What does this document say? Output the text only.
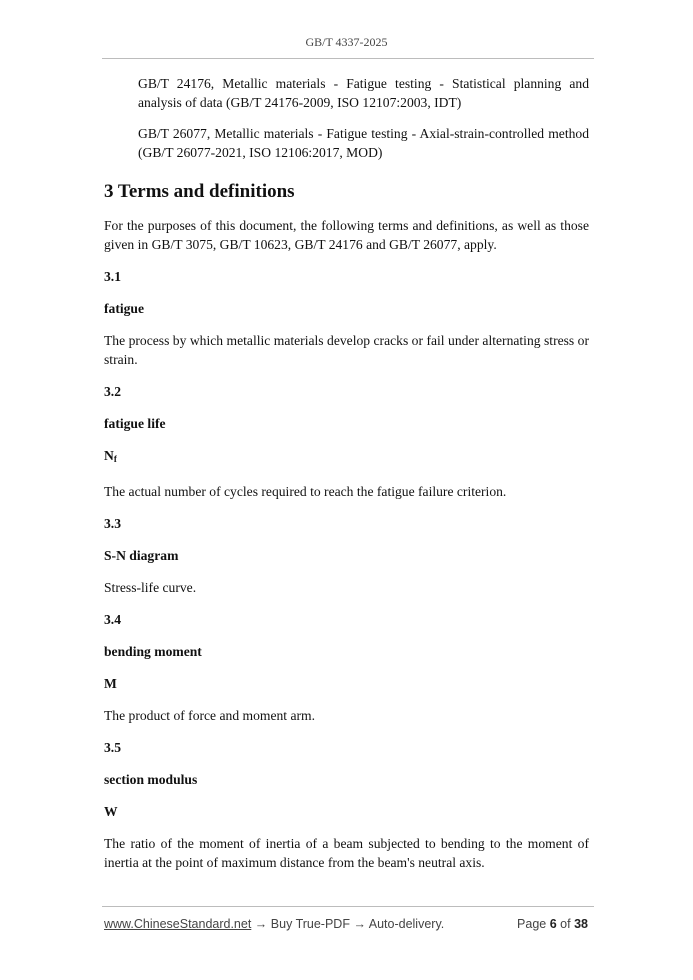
GB/T 4337-2025

GB/T 24176, Metallic materials - Fatigue testing - Statistical planning and analysis of data (GB/T 24176-2009, ISO 12107:2003, IDT)

GB/T 26077, Metallic materials - Fatigue testing - Axial-strain-controlled method (GB/T 26077-2021, ISO 12106:2017, MOD)

3 Terms and definitions

For the purposes of this document, the following terms and definitions, as well as those given in GB/T 3075, GB/T 10623, GB/T 24176 and GB/T 26077, apply.

3.1
fatigue

The process by which metallic materials develop cracks or fail under alternating stress or strain.

3.2
fatigue life
$N_f$

The actual number of cycles required to reach the fatigue failure criterion.

3.3
S-N diagram

Stress-life curve.

3.4
bending moment
M

The product of force and moment arm.

3.5
section modulus
W

The ratio of the moment of inertia of a beam subjected to bending to the moment of inertia at the point of maximum distance from the beam's neutral axis.

www.ChineseStandard.net → Buy True-PDF → Auto-delivery.	Page 6 of 38
